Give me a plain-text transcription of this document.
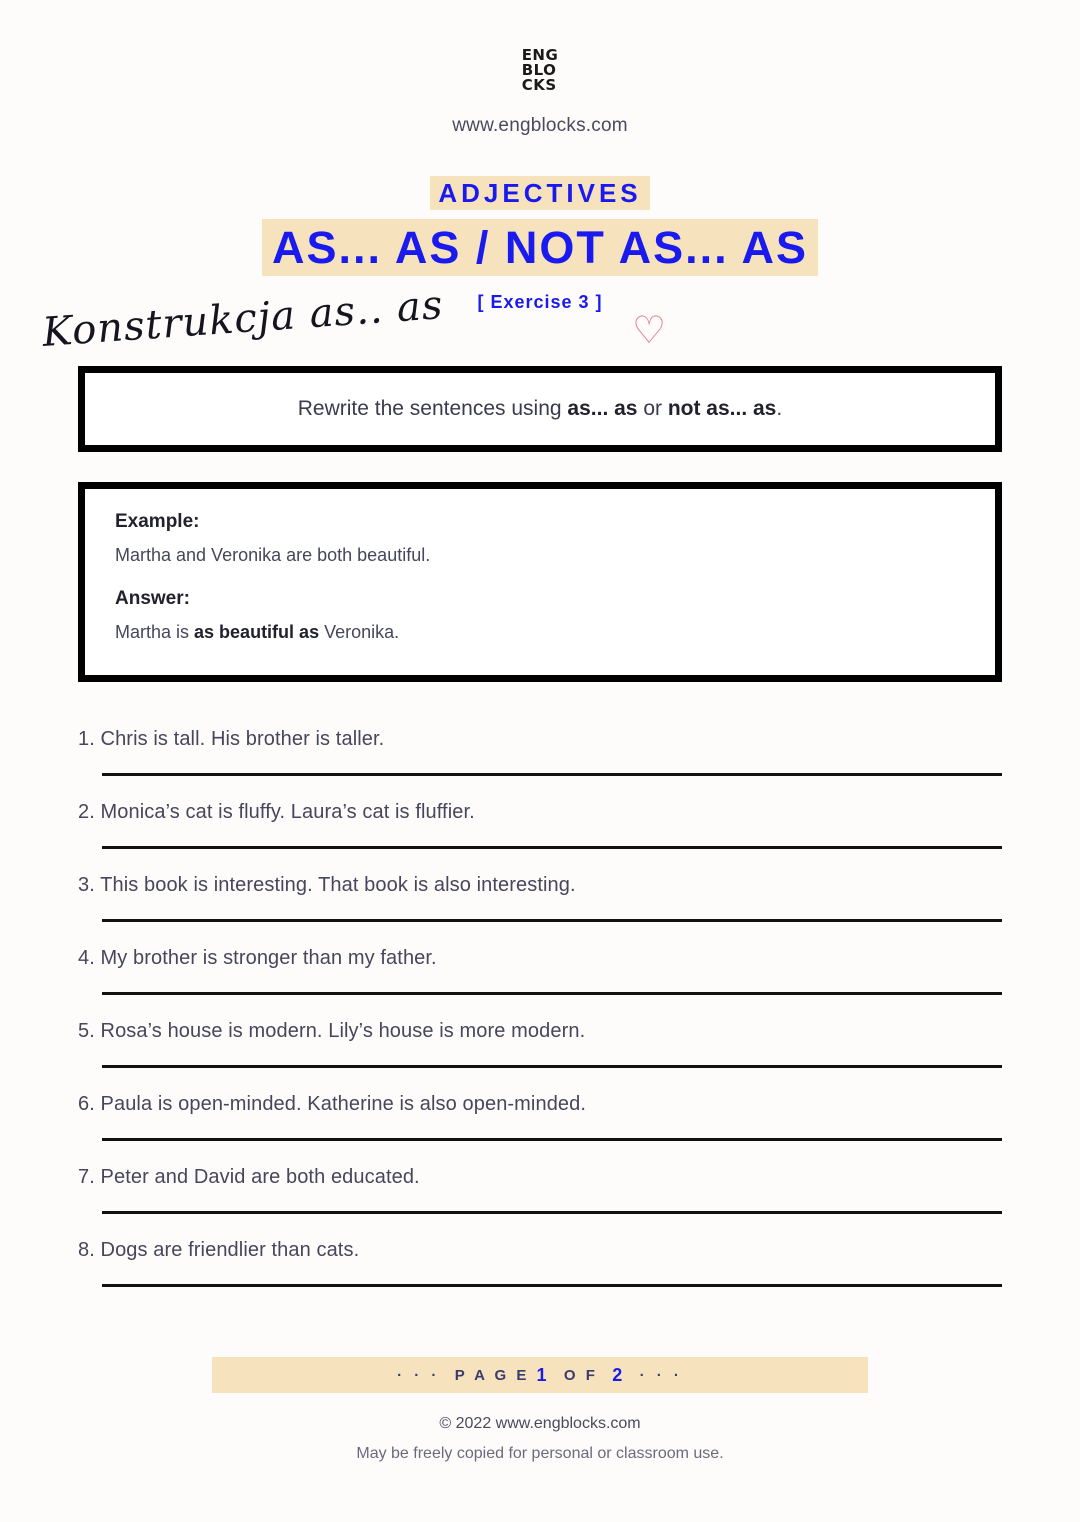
ENG
BLO
CKS
www.engblocks.com
ADJECTIVES
AS... AS / NOT AS... AS
[ Exercise 3 ]
Konstrukcja as.. as	♡
Rewrite the sentences using as... as or not as... as.

Example:

Martha and Veronika are both beautiful.

Answer:

Martha is as beautiful as Veronika.

1. Chris is tall. His brother is taller.

2. Monica’s cat is fluffy. Laura’s cat is fluffier.

3. This book is interesting. That book is also interesting.

4. My brother is stronger than my father.

5. Rosa’s house is modern. Lily’s house is more modern.

6. Paula is open-minded. Katherine is also open-minded.

7. Peter and David are both educated.

8. Dogs are friendlier than cats.

· · ·
P A G E
1
O F
2
· · ·
© 2022 www.engblocks.com
May be freely copied for personal or classroom use.
